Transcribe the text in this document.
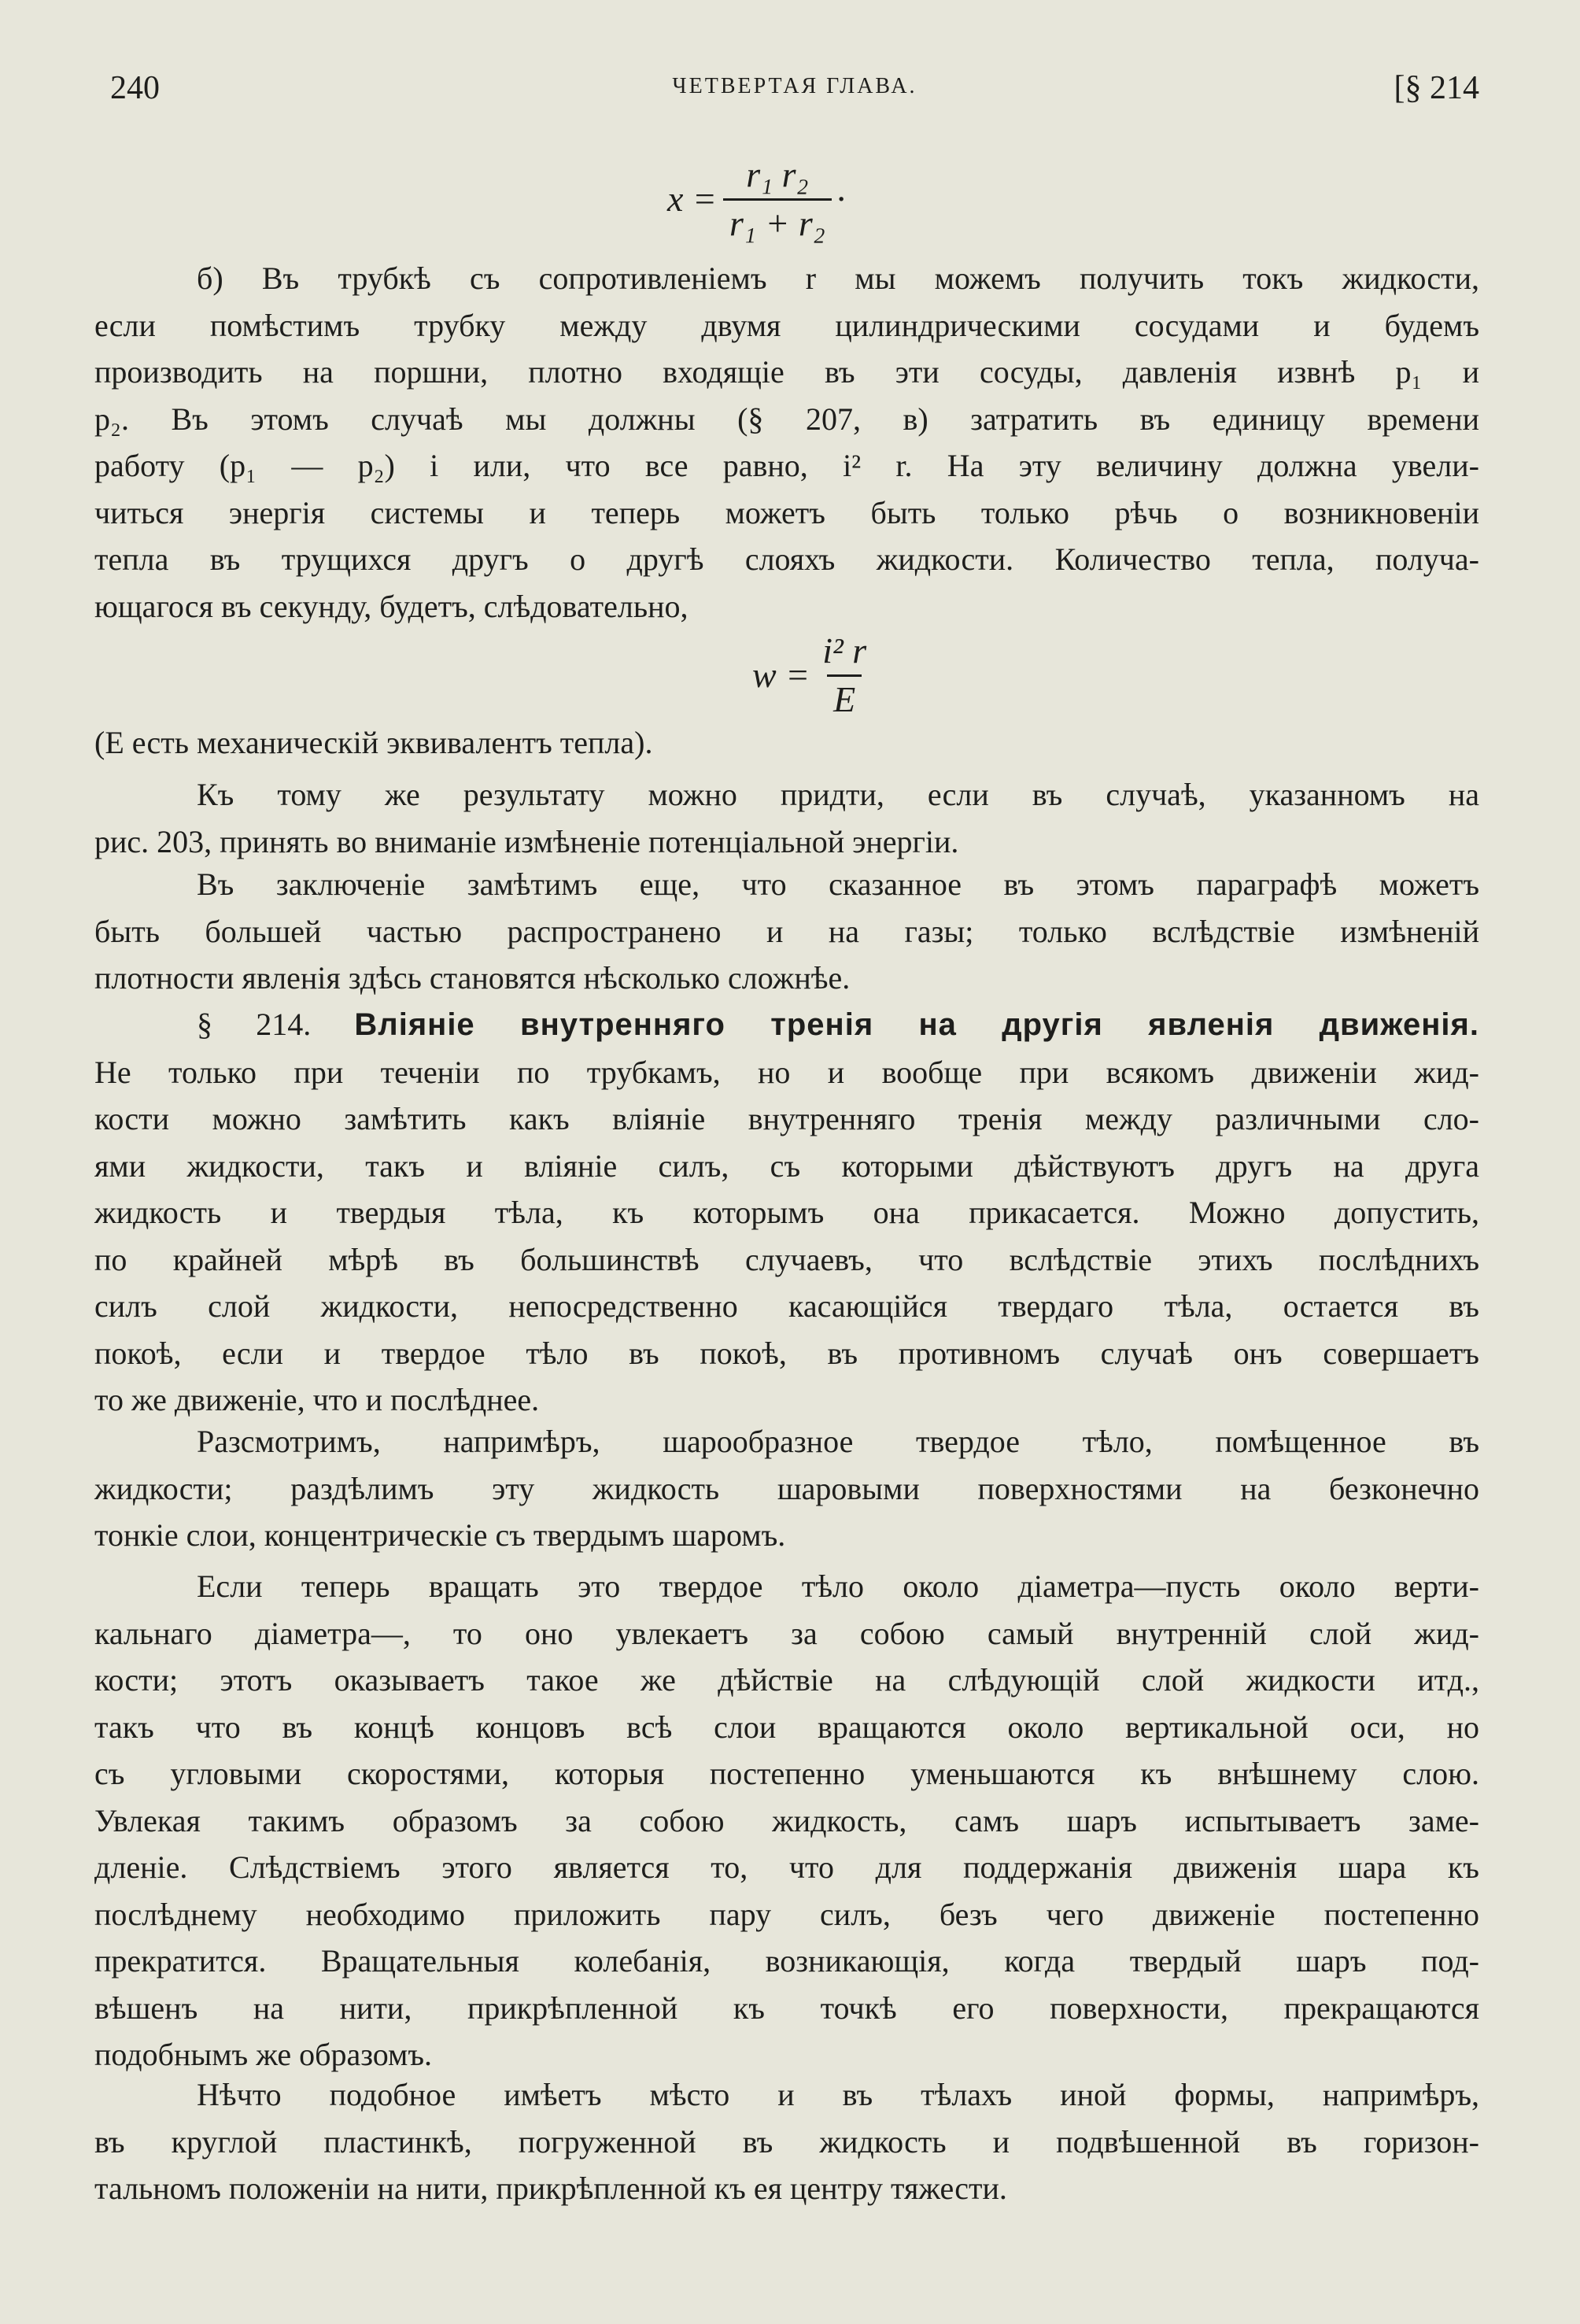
240	ЧЕТВЕРТАЯ ГЛАВА.	[§ 214
$x = \frac{\text{r₁ r₂}}{\text{r₁ + r₂}}$ ·

б) Въ трубкѣ съ сопротивленіемъ r мы можемъ получить токъ жидкости,

если помѣстимъ трубку между двумя цилиндрическими сосудами и будемъ

производить на поршни, плотно входящіе въ эти сосуды, давленія извнѣ p₁ и

p₂. Въ этомъ случаѣ мы должны (§ 207, в) затратить въ единицу времени

работу (p₁ — p₂) i или, что все равно, i² r. На эту величину должна увели-

читься энергія системы и теперь можетъ быть только рѣчь о возникновеніи

тепла въ трущихся другъ о другѣ слояхъ жидкости. Количество тепла, получа-

ющагося въ секунду, будетъ, слѣдовательно,

$w = \frac{\text{i² r}}{E}$

(E есть механическій эквивалентъ тепла).

Къ тому же результату можно придти, если въ случаѣ, указанномъ на

рис. 203, принять во вниманіе измѣненіе потенціальной энергіи.

Въ заключеніе замѣтимъ еще, что сказанное въ этомъ параграфѣ можетъ

быть большей частью распространено и на газы; только вслѣдствіе измѣненій

плотности явленія здѣсь становятся нѣсколько сложнѣе.

§ 214. Вліяніе внутренняго тренія на другія явленія движенія.

Не только при теченіи по трубкамъ, но и вообще при всякомъ движеніи жид-

кости можно замѣтить какъ вліяніе внутренняго тренія между различными сло-

ями жидкости, такъ и вліяніе силъ, съ которыми дѣйствуютъ другъ на друга

жидкость и твердыя тѣла, къ которымъ она прикасается. Можно допустить,

по крайней мѣрѣ въ большинствѣ случаевъ, что вслѣдствіе этихъ послѣднихъ

силъ слой жидкости, непосредственно касающійся твердаго тѣла, остается въ

покоѣ, если и твердое тѣло въ покоѣ, въ противномъ случаѣ онъ совершаетъ

то же движеніе, что и послѣднее.

Разсмотримъ, напримѣръ, шарообразное твердое тѣло, помѣщенное въ

жидкости; раздѣлимъ эту жидкость шаровыми поверхностями на безконечно

тонкіе слои, концентрическіе съ твердымъ шаромъ.

Если теперь вращать это твердое тѣло около діаметра—пусть около верти-

кальнаго діаметра—, то оно увлекаетъ за собою самый внутренній слой жид-

кости; этотъ оказываетъ такое же дѣйствіе на слѣдующій слой жидкости итд.,

такъ что въ концѣ концовъ всѣ слои вращаются около вертикальной оси, но

съ угловыми скоростями, которыя постепенно уменьшаются къ внѣшнему слою.

Увлекая такимъ образомъ за собою жидкость, самъ шаръ испытываетъ заме-

дленіе. Слѣдствіемъ этого является то, что для поддержанія движенія шара къ

послѣднему необходимо приложить пару силъ, безъ чего движеніе постепенно

прекратится. Вращательныя колебанія, возникающія, когда твердый шаръ под-

вѣшенъ на нити, прикрѣпленной къ точкѣ его поверхности, прекращаются

подобнымъ же образомъ.

Нѣчто подобное имѣетъ мѣсто и въ тѣлахъ иной формы, напримѣръ,

въ круглой пластинкѣ, погруженной въ жидкость и подвѣшенной въ горизон-

тальномъ положеніи на нити, прикрѣпленной къ ея центру тяжести.
